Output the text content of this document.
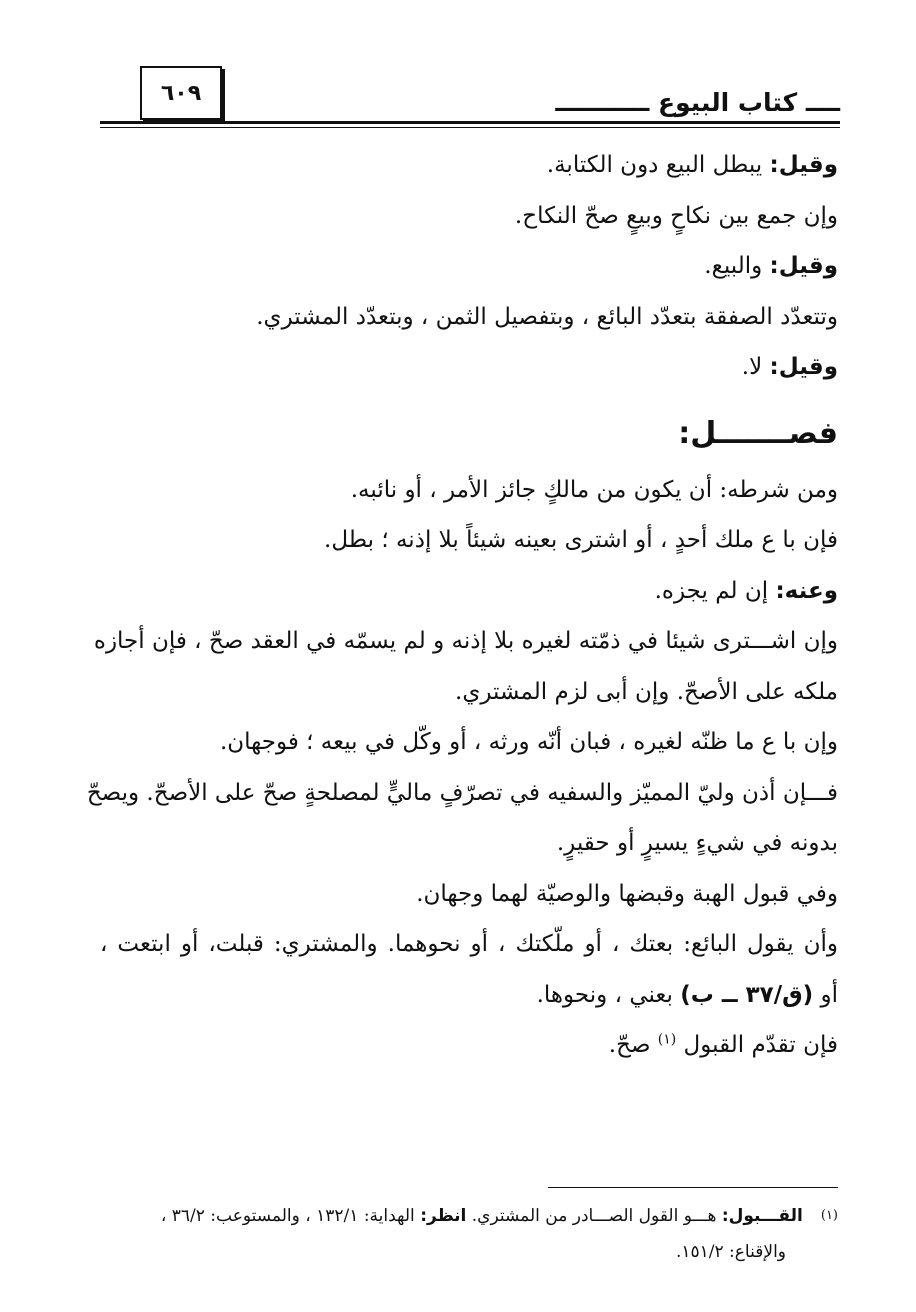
٦٠٩	ــــ كتاب البيوع ـــــــــــ

وقيل: يبطل البيع دون الكتابة.

وإن جمع بين نكاحٍ وبيعٍ صحّ النكاح.

وقيل: والبيع.

وتتعدّد الصفقة بتعدّد البائع ، وبتفصيل الثمن ، وبتعدّد المشتري.

وقيل: لا.

فصـــــــل:

ومن شرطه: أن يكون من مالكٍ جائز الأمر ، أو نائبه.

فإن با ع ملك أحدٍ ، أو اشترى بعينه شيئاً بلا إذنه ؛ بطل.

وعنه: إن لم يجزه.

وإن اشـــترى شيئا في ذمّته لغيره بلا إذنه و لم يسمّه في العقد صحّ ، فإن أجازه

ملكه على الأصحّ. وإن أبى لزم المشتري.

وإن با ع ما ظنّه لغيره ، فبان أنّه ورثه ، أو وكّل في بيعه ؛ فوجهان.

فـــإن أذن وليّ المميّز والسفيه في تصرّفٍ ماليٍّ لمصلحةٍ صحّ على الأصحّ. ويصحّ

بدونه في شيءٍ يسيرٍ أو حقيرٍ.

وفي قبول الهبة وقبضها والوصيّة لهما وجهان.

وأن يقول البائع: بعتك ، أو ملّكتك ، أو نحوهما. والمشتري: قبلت، أو ابتعت ،

أو (ق/٣٧ ــ ب) بعني ، ونحوها.

فإن تقدّم القبول $^{(١)}$ صحّ.

(١)القـــبول: هـــو القول الصـــادر من المشتري. انظر: الهداية: ١٣٢/١ ، والمستوعب: ٣٦/٢ ،
والإقناع: ١٥١/٢.
